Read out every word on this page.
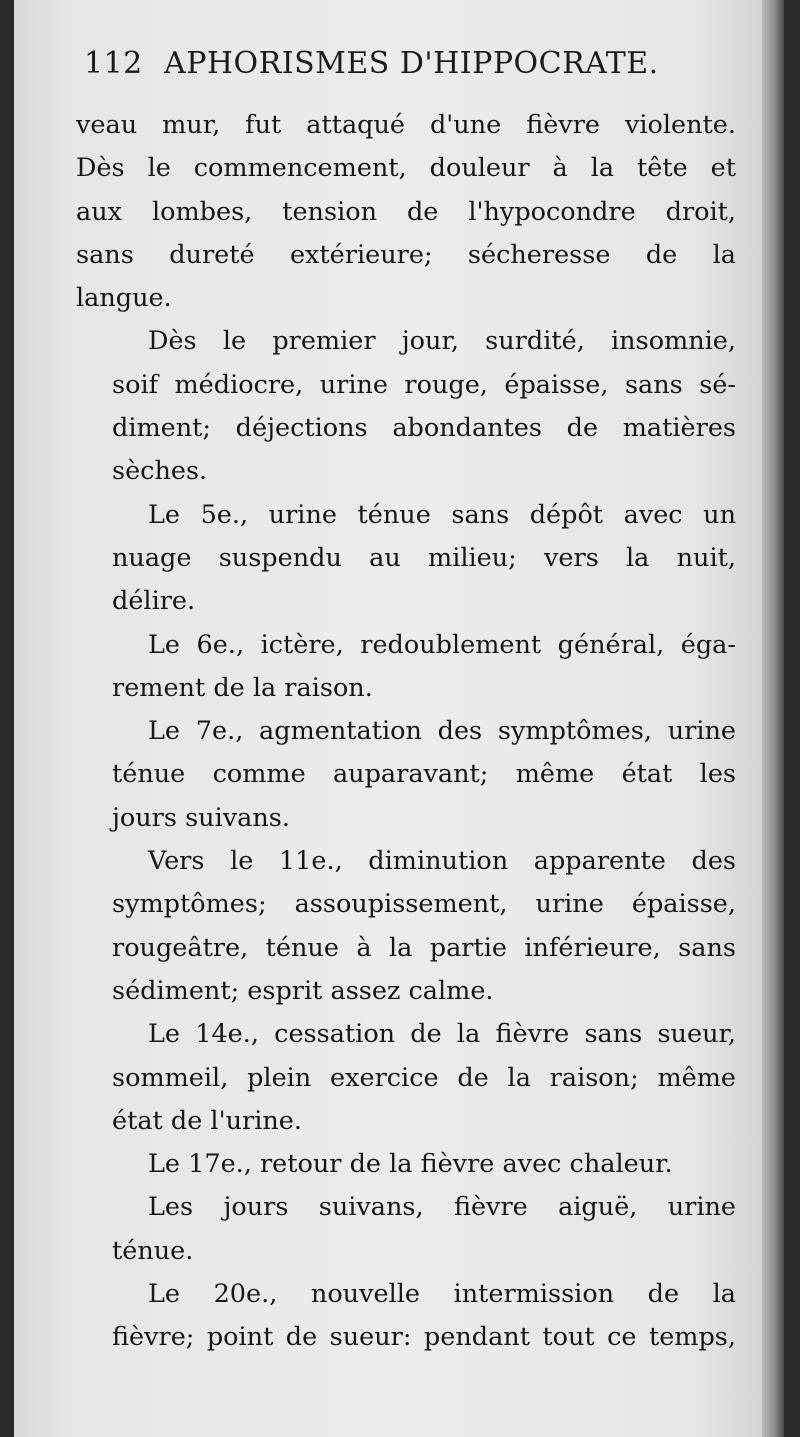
112 APHORISMES D'HIPPOCRATE.
veau mur, fut attaqué d'une fièvre violente.
Dès le commencement, douleur à la tête et
aux lombes, tension de l'hypocondre droit,
sans dureté extérieure; sécheresse de la
langue.
Dès le premier jour, surdité, insomnie,
soif médiocre, urine rouge, épaisse, sans sé-
diment; déjections abondantes de matières
sèches.
Le 5e., urine ténue sans dépôt avec un
nuage suspendu au milieu; vers la nuit,
délire.
Le 6e., ictère, redoublement général, éga-
rement de la raison.
Le 7e., agmentation des symptômes, urine
ténue comme auparavant; même état les
jours suivans.
Vers le 11e., diminution apparente des
symptômes; assoupissement, urine épaisse,
rougeâtre, ténue à la partie inférieure, sans
sédiment; esprit assez calme.
Le 14e., cessation de la fièvre sans sueur,
sommeil, plein exercice de la raison; même
état de l'urine.
Le 17e., retour de la fièvre avec chaleur.
Les jours suivans, fièvre aiguë, urine
ténue.
Le 20e., nouvelle intermission de la
fièvre; point de sueur: pendant tout ce temps,
